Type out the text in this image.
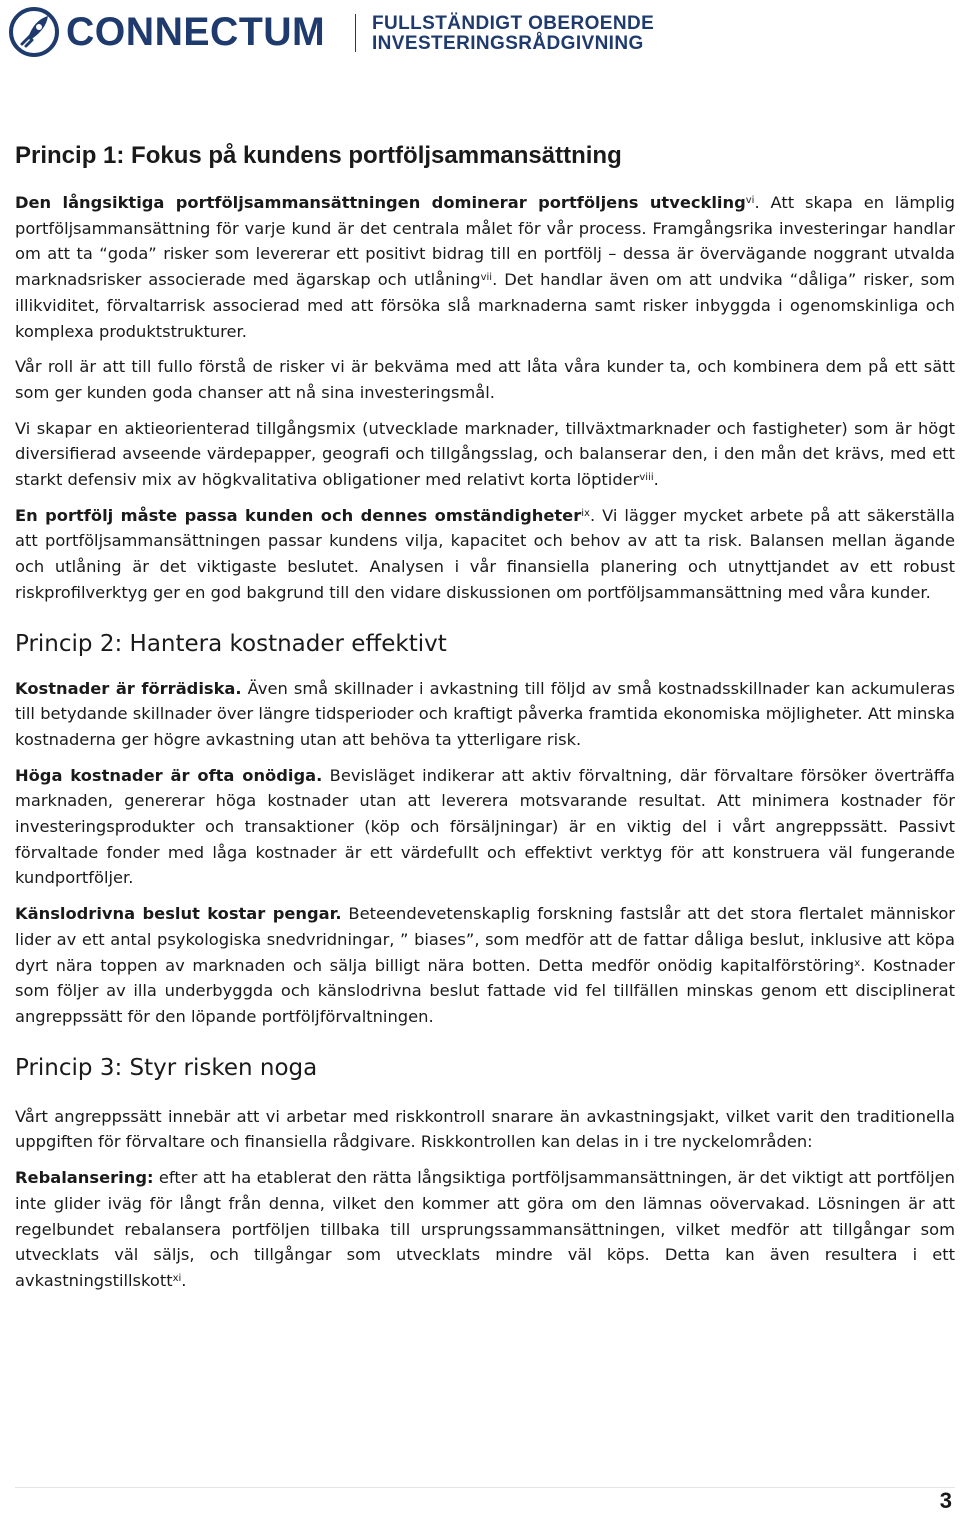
CONNECTUM FULLSTÄNDIGT OBEROENDE
INVESTERINGSRÅDGIVNING
Princip 1: Fokus på kundens portföljsammansättning

Den långsiktiga portföljsammansättningen dominerar portföljens utveckling$^{vi}$. Att skapa en lämplig portföljsammansättning för varje kund är det centrala målet för vår process. Framgångsrika investeringar handlar om att ta “goda” risker som levererar ett positivt bidrag till en portfölj – dessa är övervägande noggrant utvalda marknadsrisker associerade med ägarskap och utlåning$^{vii}$. Det handlar även om att undvika “dåliga” risker, som illikviditet, förvaltarrisk associerad med att försöka slå marknaderna samt risker inbyggda i ogenomskinliga och komplexa produktstrukturer.

Vår roll är att till fullo förstå de risker vi är bekväma med att låta våra kunder ta, och kombinera dem på ett sätt som ger kunden goda chanser att nå sina investeringsmål.

Vi skapar en aktieorienterad tillgångsmix (utvecklade marknader, tillväxtmarknader och fastigheter) som är högt diversifierad avseende värdepapper, geografi och tillgångsslag, och balanserar den, i den mån det krävs, med ett starkt defensiv mix av högkvalitativa obligationer med relativt korta löptider$^{viii}$.

En portfölj måste passa kunden och dennes omständigheter$^{ix}$. Vi lägger mycket arbete på att säkerställa att portföljsammansättningen passar kundens vilja, kapacitet och behov av att ta risk. Balansen mellan ägande och utlåning är det viktigaste beslutet. Analysen i vår finansiella planering och utnyttjandet av ett robust riskprofilverktyg ger en god bakgrund till den vidare diskussionen om portföljsammansättning med våra kunder.

Princip 2: Hantera kostnader effektivt

Kostnader är förrädiska. Även små skillnader i avkastning till följd av små kostnadsskillnader kan ackumuleras till betydande skillnader över längre tidsperioder och kraftigt påverka framtida ekonomiska möjligheter. Att minska kostnaderna ger högre avkastning utan att behöva ta ytterligare risk.

Höga kostnader är ofta onödiga. Bevisläget indikerar att aktiv förvaltning, där förvaltare försöker överträffa marknaden, genererar höga kostnader utan att leverera motsvarande resultat. Att minimera kostnader för investeringsprodukter och transaktioner (köp och försäljningar) är en viktig del i vårt angreppssätt. Passivt förvaltade fonder med låga kostnader är ett värdefullt och effektivt verktyg för att konstruera väl fungerande kundportföljer.

Känslodrivna beslut kostar pengar. Beteendevetenskaplig forskning fastslår att det stora flertalet människor lider av ett antal psykologiska snedvridningar, ” biases”, som medför att de fattar dåliga beslut, inklusive att köpa dyrt nära toppen av marknaden och sälja billigt nära botten. Detta medför onödig kapitalförstöring$^x$. Kostnader som följer av illa underbyggda och känslodrivna beslut fattade vid fel tillfällen minskas genom ett disciplinerat angreppssätt för den löpande portföljförvaltningen.

Princip 3: Styr risken noga

Vårt angreppssätt innebär att vi arbetar med riskkontroll snarare än avkastningsjakt, vilket varit den traditionella uppgiften för förvaltare och finansiella rådgivare. Riskkontrollen kan delas in i tre nyckelområden:

Rebalansering: efter att ha etablerat den rätta långsiktiga portföljsammansättningen, är det viktigt att portföljen inte glider iväg för långt från denna, vilket den kommer att göra om den lämnas oövervakad. Lösningen är att regelbundet rebalansera portföljen tillbaka till ursprungssammansättningen, vilket medför att tillgångar som utvecklats väl säljs, och tillgångar som utvecklats mindre väl köps. Detta kan även resultera i ett avkastningstillskott$^{xi}$.

3
